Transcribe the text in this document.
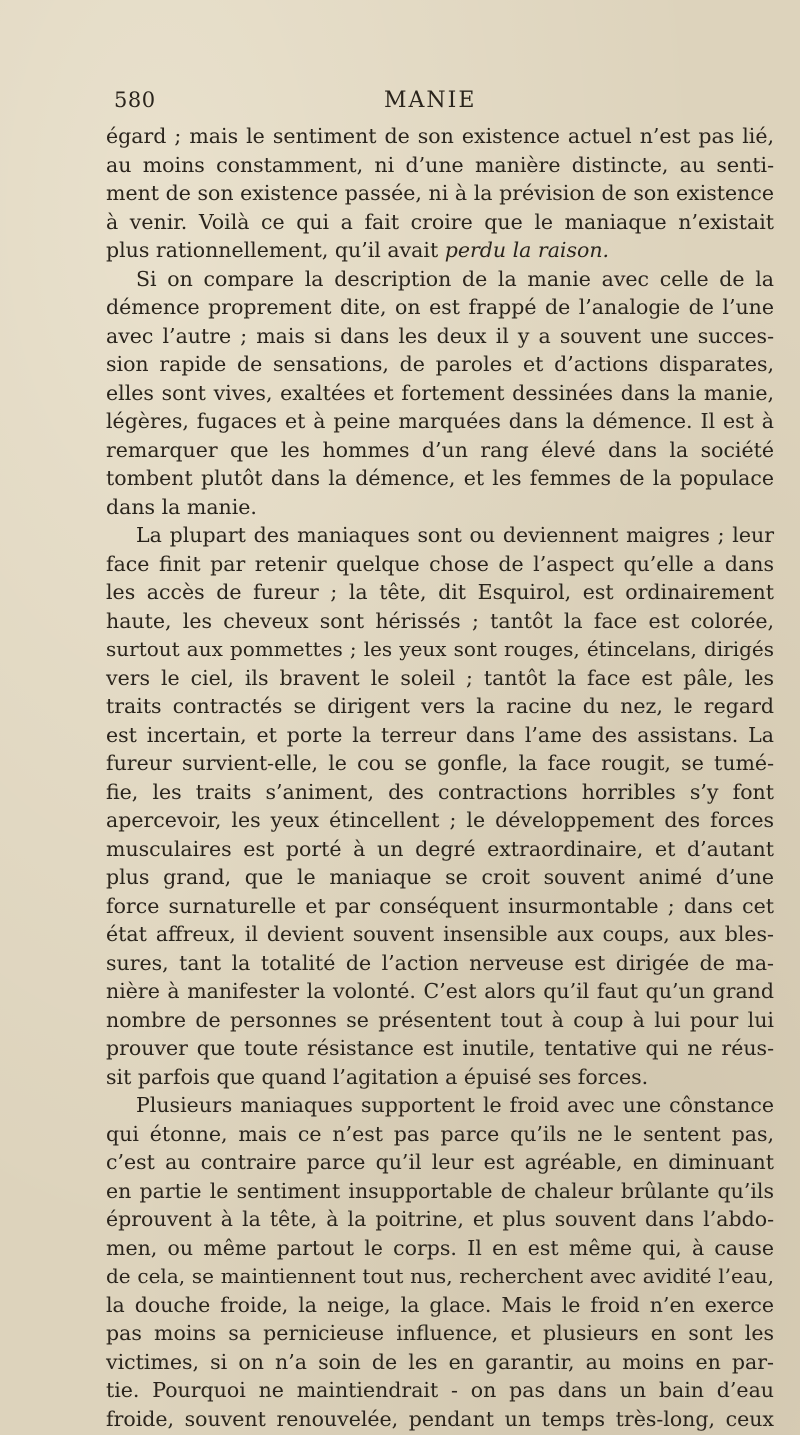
580	MANIE
égard ; mais le sentiment de son existence actuel n’est pas lié,
au moins constamment, ni d’une manière distincte, au senti-
ment de son existence passée, ni à la prévision de son existence
à venir. Voilà ce qui a fait croire que le maniaque n’existait
plus rationnellement, qu’il avait perdu la raison.
Si on compare la description de la manie avec celle de la
démence proprement dite, on est frappé de l’analogie de l’une
avec l’autre ; mais si dans les deux il y a souvent une succes-
sion rapide de sensations, de paroles et d’actions disparates,
elles sont vives, exaltées et fortement dessinées dans la manie,
légères, fugaces et à peine marquées dans la démence. Il est à
remarquer que les hommes d’un rang élevé dans la société
tombent plutôt dans la démence, et les femmes de la populace
dans la manie.
La plupart des maniaques sont ou deviennent maigres ; leur
face finit par retenir quelque chose de l’aspect qu’elle a dans
les accès de fureur ; la tête, dit Esquirol, est ordinairement
haute, les cheveux sont hérissés ; tantôt la face est colorée,
surtout aux pommettes ; les yeux sont rouges, étincelans, dirigés
vers le ciel, ils bravent le soleil ; tantôt la face est pâle, les
traits contractés se dirigent vers la racine du nez, le regard
est incertain, et porte la terreur dans l’ame des assistans. La
fureur survient-elle, le cou se gonfle, la face rougit, se tumé-
fie, les traits s’animent, des contractions horribles s’y font
apercevoir, les yeux étincellent ; le développement des forces
musculaires est porté à un degré extraordinaire, et d’autant
plus grand, que le maniaque se croit souvent animé d’une
force surnaturelle et par conséquent insurmontable ; dans cet
état affreux, il devient souvent insensible aux coups, aux bles-
sures, tant la totalité de l’action nerveuse est dirigée de ma-
nière à manifester la volonté. C’est alors qu’il faut qu’un grand
nombre de personnes se présentent tout à coup à lui pour lui
prouver que toute résistance est inutile, tentative qui ne réus-
sit parfois que quand l’agitation a épuisé ses forces.
Plusieurs maniaques supportent le froid avec une cônstance
qui étonne, mais ce n’est pas parce qu’ils ne le sentent pas,
c’est au contraire parce qu’il leur est agréable, en diminuant
en partie le sentiment insupportable de chaleur brûlante qu’ils
éprouvent à la tête, à la poitrine, et plus souvent dans l’abdo-
men, ou même partout le corps. Il en est même qui, à cause
de cela, se maintiennent tout nus, recherchent avec avidité l’eau,
la douche froide, la neige, la glace. Mais le froid n’en exerce
pas moins sa pernicieuse influence, et plusieurs en sont les
victimes, si on n’a soin de les en garantir, au moins en par-
tie. Pourquoi ne maintiendrait - on pas dans un bain d’eau
froide, souvent renouvelée, pendant un temps très-long, ceux
